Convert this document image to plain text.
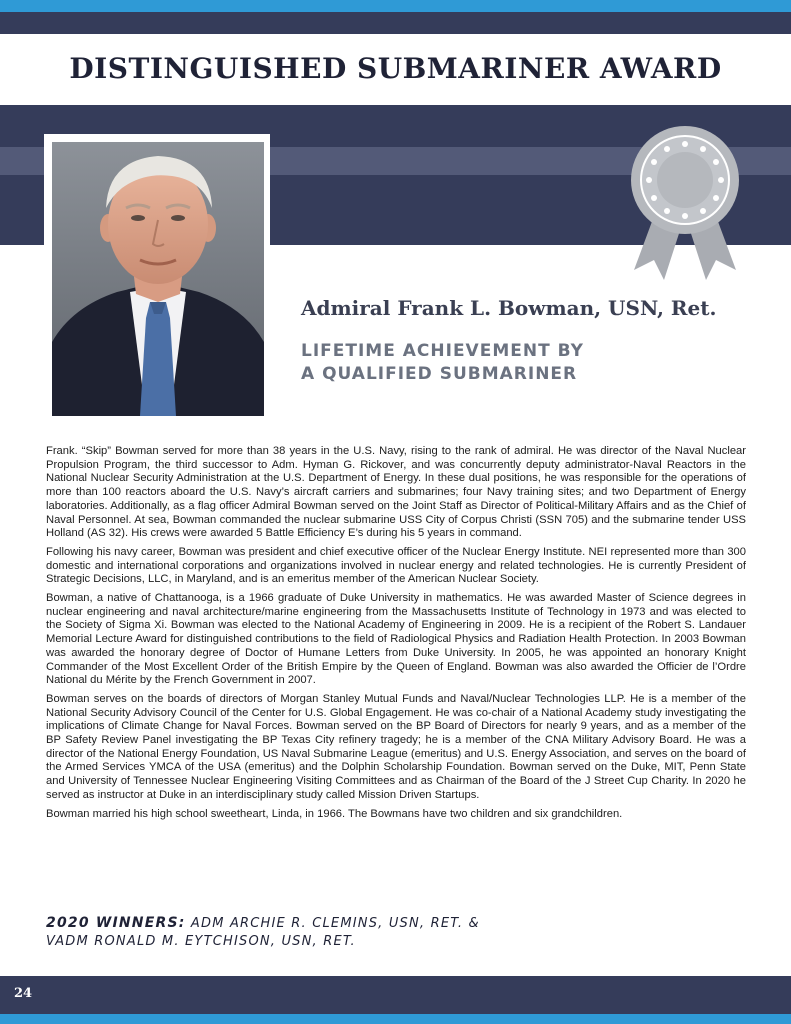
DISTINGUISHED SUBMARINER AWARD
Admiral Frank L. Bowman, USN, Ret.
LIFETIME ACHIEVEMENT BY
A QUALIFIED SUBMARINER

Frank. “Skip” Bowman served for more than 38 years in the U.S. Navy, rising to the rank of admiral. He was director of the Naval Nuclear Propulsion Program, the third successor to Adm. Hyman G. Rickover, and was concurrently deputy administrator-Naval Reactors in the National Nuclear Security Administration at the U.S. Department of Energy. In these dual positions, he was responsible for the operations of more than 100 reactors aboard the U.S. Navy’s aircraft carriers and submarines; four Navy training sites; and two Department of Energy laboratories. Additionally, as a flag officer Admiral Bowman served on the Joint Staff as Director of Political-Military Affairs and as the Chief of Naval Personnel. At sea, Bowman commanded the nuclear submarine USS City of Corpus Christi (SSN 705) and the submarine tender USS Holland (AS 32). His crews were awarded 5 Battle Efficiency E’s during his 5 years in command.

Following his navy career, Bowman was president and chief executive officer of the Nuclear Energy Institute. NEI represented more than 300 domestic and international corporations and organizations involved in nuclear energy and related technologies. He is currently President of Strategic Decisions, LLC, in Maryland, and is an emeritus member of the American Nuclear Society.

Bowman, a native of Chattanooga, is a 1966 graduate of Duke University in mathematics. He was awarded Master of Science degrees in nuclear engineering and naval architecture/marine engineering from the Massachusetts Institute of Technology in 1973 and was elected to the Society of Sigma Xi. Bowman was elected to the National Academy of Engineering in 2009. He is a recipient of the Robert S. Landauer Memorial Lecture Award for distinguished contributions to the field of Radiological Physics and Radiation Health Protection. In 2003 Bowman was awarded the honorary degree of Doctor of Humane Letters from Duke University. In 2005, he was appointed an honorary Knight Commander of the Most Excellent Order of the British Empire by the Queen of England. Bowman was also awarded the Officier de l’Ordre National du Mérite by the French Government in 2007.

Bowman serves on the boards of directors of Morgan Stanley Mutual Funds and Naval/Nuclear Technologies LLP. He is a member of the National Security Advisory Council of the Center for U.S. Global Engagement. He was co-chair of a National Academy study investigating the implications of Climate Change for Naval Forces. Bowman served on the BP Board of Directors for nearly 9 years, and as a member of the BP Safety Review Panel investigating the BP Texas City refinery tragedy; he is a member of the CNA Military Advisory Board. He was a director of the National Energy Foundation, US Naval Submarine League (emeritus) and U.S. Energy Association, and serves on the board of the Armed Services YMCA of the USA (emeritus) and the Dolphin Scholarship Foundation. Bowman served on the Duke, MIT, Penn State and University of Tennessee Nuclear Engineering Visiting Committees and as Chairman of the Board of the J Street Cup Charity. In 2020 he served as instructor at Duke in an interdisciplinary study called Mission Driven Startups.

Bowman married his high school sweetheart, Linda, in 1966. The Bowmans have two children and six grandchildren.

2020 WINNERS: ADM ARCHIE R. CLEMINS, USN, RET. &
VADM RONALD M. EYTCHISON, USN, RET.
24
